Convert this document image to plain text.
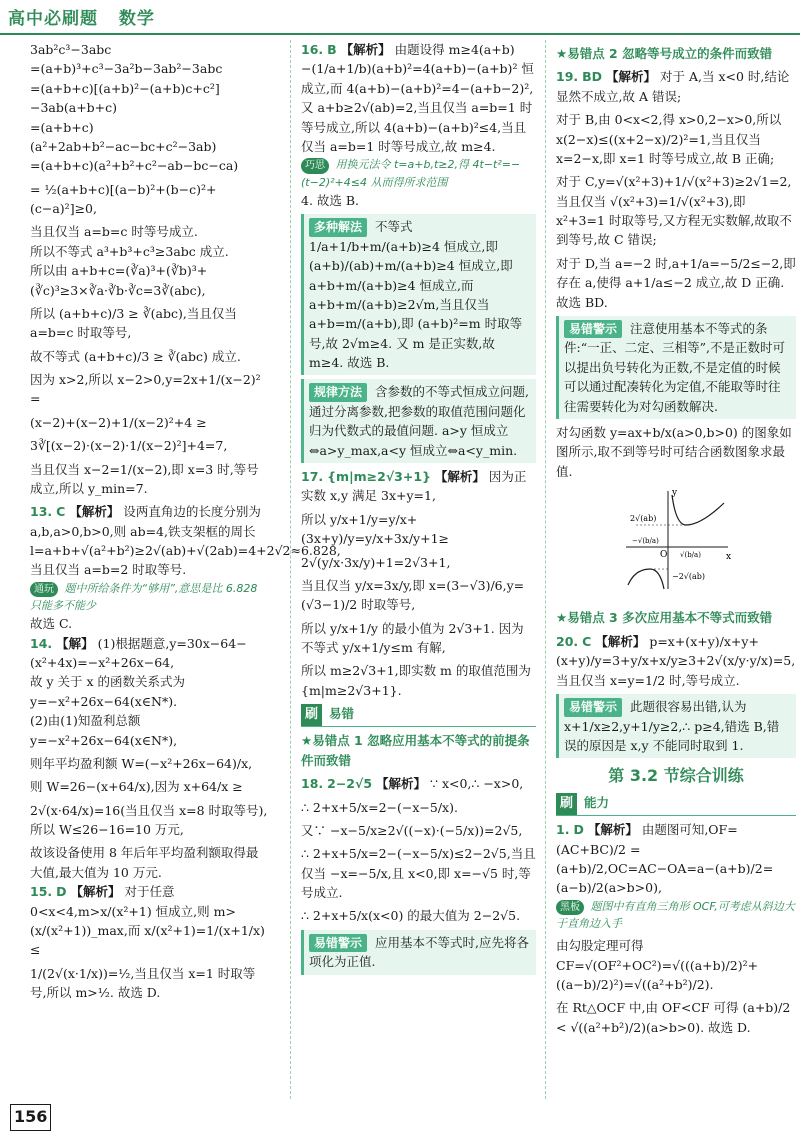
高中必刷题 数学

3ab²c³−3abc

=(a+b)³+c³−3a²b−3ab²−3abc

=(a+b+c)[(a+b)²−(a+b)c+c²]−3ab(a+b+c)

=(a+b+c)(a²+2ab+b²−ac−bc+c²−3ab)

=(a+b+c)(a²+b²+c²−ab−bc−ca)

= ½(a+b+c)[(a−b)²+(b−c)²+(c−a)²]≥0,

当且仅当 a=b=c 时等号成立.

所以不等式 a³+b³+c³≥3abc 成立.

所以由 a+b+c=(∛a)³+(∛b)³+(∛c)³≥3×∛a·∛b·∛c=3∛(abc),

所以 (a+b+c)/3 ≥ ∛(abc),当且仅当 a=b=c 时取等号,

故不等式 (a+b+c)/3 ≥ ∛(abc) 成立.

因为 x>2,所以 x−2>0,y=2x+1/(x−2)² =

(x−2)+(x−2)+1/(x−2)²+4 ≥

3∛[(x−2)·(x−2)·1/(x−2)²]+4=7,

当且仅当 x−2=1/(x−2),即 x=3 时,等号成立,所以 y_min=7.

13. C 【解析】 设两直角边的长度分别为 a,b,a>0,b>0,则 ab=4,铁支架框的周长

l=a+b+√(a²+b²)≥2√(ab)+√(2ab)=4+2√2≈6.828,当且仅当 a=b=2 时取等号.

通玩 题中所给条件为“够用”,意思是比 6.828 只能多不能少

故选 C.

14. 【解】 (1)根据题意,y=30x−64−(x²+4x)=−x²+26x−64,

故 y 关于 x 的函数关系式为 y=−x²+26x−64(x∈N*).

(2)由(1)知盈利总额 y=−x²+26x−64(x∈N*),

则年平均盈利额 W=(−x²+26x−64)/x,

则 W=26−(x+64/x),因为 x+64/x ≥

2√(x·64/x)=16(当且仅当 x=8 时取等号),所以 W≤26−16=10 万元,

故该设备使用 8 年后年平均盈利额取得最大值,最大值为 10 万元.

15. D 【解析】 对于任意 0<x<4,m>x/(x²+1) 恒成立,则 m>(x/(x²+1))_max,而 x/(x²+1)=1/(x+1/x) ≤

1/(2√(x·1/x))=½,当且仅当 x=1 时取等号,所以 m>½. 故选 D.

16. B 【解析】 由题设得 m≥4(a+b)−(1/a+1/b)(a+b)²=4(a+b)−(a+b)² 恒成立,而 4(a+b)−(a+b)²=4−(a+b−2)²,

又 a+b≥2√(ab)=2,当且仅当 a=b=1 时等号成立,所以 4(a+b)−(a+b)²≤4,当且仅当 a=b=1 时等号成立,故 m≥4.

巧思 用换元法令 t=a+b,t≥2,得 4t−t²=−(t−2)²+4≤4 从而得所求范围

4. 故选 B.

多种解法 不等式 1/a+1/b+m/(a+b)≥4 恒成立,即 (a+b)/(ab)+m/(a+b)≥4 恒成立,即 a+b+m/(a+b)≥4 恒成立,而 a+b+m/(a+b)≥2√m,当且仅当 a+b=m/(a+b),即 (a+b)²=m 时取等号,故 2√m≥4. 又 m 是正实数,故 m≥4. 故选 B.
规律方法 含参数的不等式恒成立问题,通过分离参数,把参数的取值范围问题化归为代数式的最值问题. a>y 恒成立⇔a>y_max,a<y 恒成立⇔a<y_min.

17. {m|m≥2√3+1} 【解析】 因为正实数 x,y 满足 3x+y=1,

所以 y/x+1/y=y/x+(3x+y)/y=y/x+3x/y+1≥

2√(y/x·3x/y)+1=2√3+1,

当且仅当 y/x=3x/y,即 x=(3−√3)/6,y=(√3−1)/2 时取等号,

所以 y/x+1/y 的最小值为 2√3+1. 因为不等式 y/x+1/y≤m 有解,

所以 m≥2√3+1,即实数 m 的取值范围为 {m|m≥2√3+1}.

刷 易错

★易错点 1 忽略应用基本不等式的前提条件而致错

18. 2−2√5 【解析】 ∵ x<0,∴ −x>0,

∴ 2+x+5/x=2−(−x−5/x).

又∵ −x−5/x≥2√((−x)·(−5/x))=2√5,

∴ 2+x+5/x=2−(−x−5/x)≤2−2√5,当且仅当 −x=−5/x,且 x<0,即 x=−√5 时,等号成立.

∴ 2+x+5/x(x<0) 的最大值为 2−2√5.

易错警示 应用基本不等式时,应先将各项化为正值.

★易错点 2 忽略等号成立的条件而致错

19. BD 【解析】 对于 A,当 x<0 时,结论显然不成立,故 A 错误;

对于 B,由 0<x<2,得 x>0,2−x>0,所以 x(2−x)≤((x+2−x)/2)²=1,当且仅当 x=2−x,即 x=1 时等号成立,故 B 正确;

对于 C,y=√(x²+3)+1/√(x²+3)≥2√1=2,当且仅当 √(x²+3)=1/√(x²+3),即 x²+3=1 时取等号,又方程无实数解,故取不到等号,故 C 错误;

对于 D,当 a=−2 时,a+1/a=−5/2≤−2,即存在 a,使得 a+1/a≤−2 成立,故 D 正确. 故选 BD.

易错警示 注意使用基本不等式的条件:“一正、二定、三相等”,不是正数时可以提出负号转化为正数,不是定值的时候可以通过配凑转化为定值,不能取等时往往需要转化为对勾函数解决.

对勾函数 y=ax+b/x(a>0,b>0) 的图象如图所示,取不到等号时可结合函数图象求最值.

y
x
O
2√(ab)
−2√(ab)
√(b/a)
−√(b/a)

★易错点 3 多次应用基本不等式而致错

20. C 【解析】 p=x+(x+y)/x+y+(x+y)/y=3+y/x+x/y≥3+2√(x/y·y/x)=5,当且仅当 x=y=1/2 时,等号成立.

易错警示 此题很容易出错,认为 x+1/x≥2,y+1/y≥2,∴ p≥4,错选 B,错误的原因是 x,y 不能同时取到 1.

第 3.2 节综合训练

刷 能力

1. D 【解析】 由题图可知,OF=(AC+BC)/2 = (a+b)/2,OC=AC−OA=a−(a+b)/2=(a−b)/2(a>b>0),

黑板 题图中有直角三角形 OCF,可考虑从斜边大于直角边入手

由勾股定理可得 CF=√(OF²+OC²)=√(((a+b)/2)²+((a−b)/2)²)=√((a²+b²)/2).

在 Rt△OCF 中,由 OF<CF 可得 (a+b)/2 < √((a²+b²)/2)(a>b>0). 故选 D.

156
